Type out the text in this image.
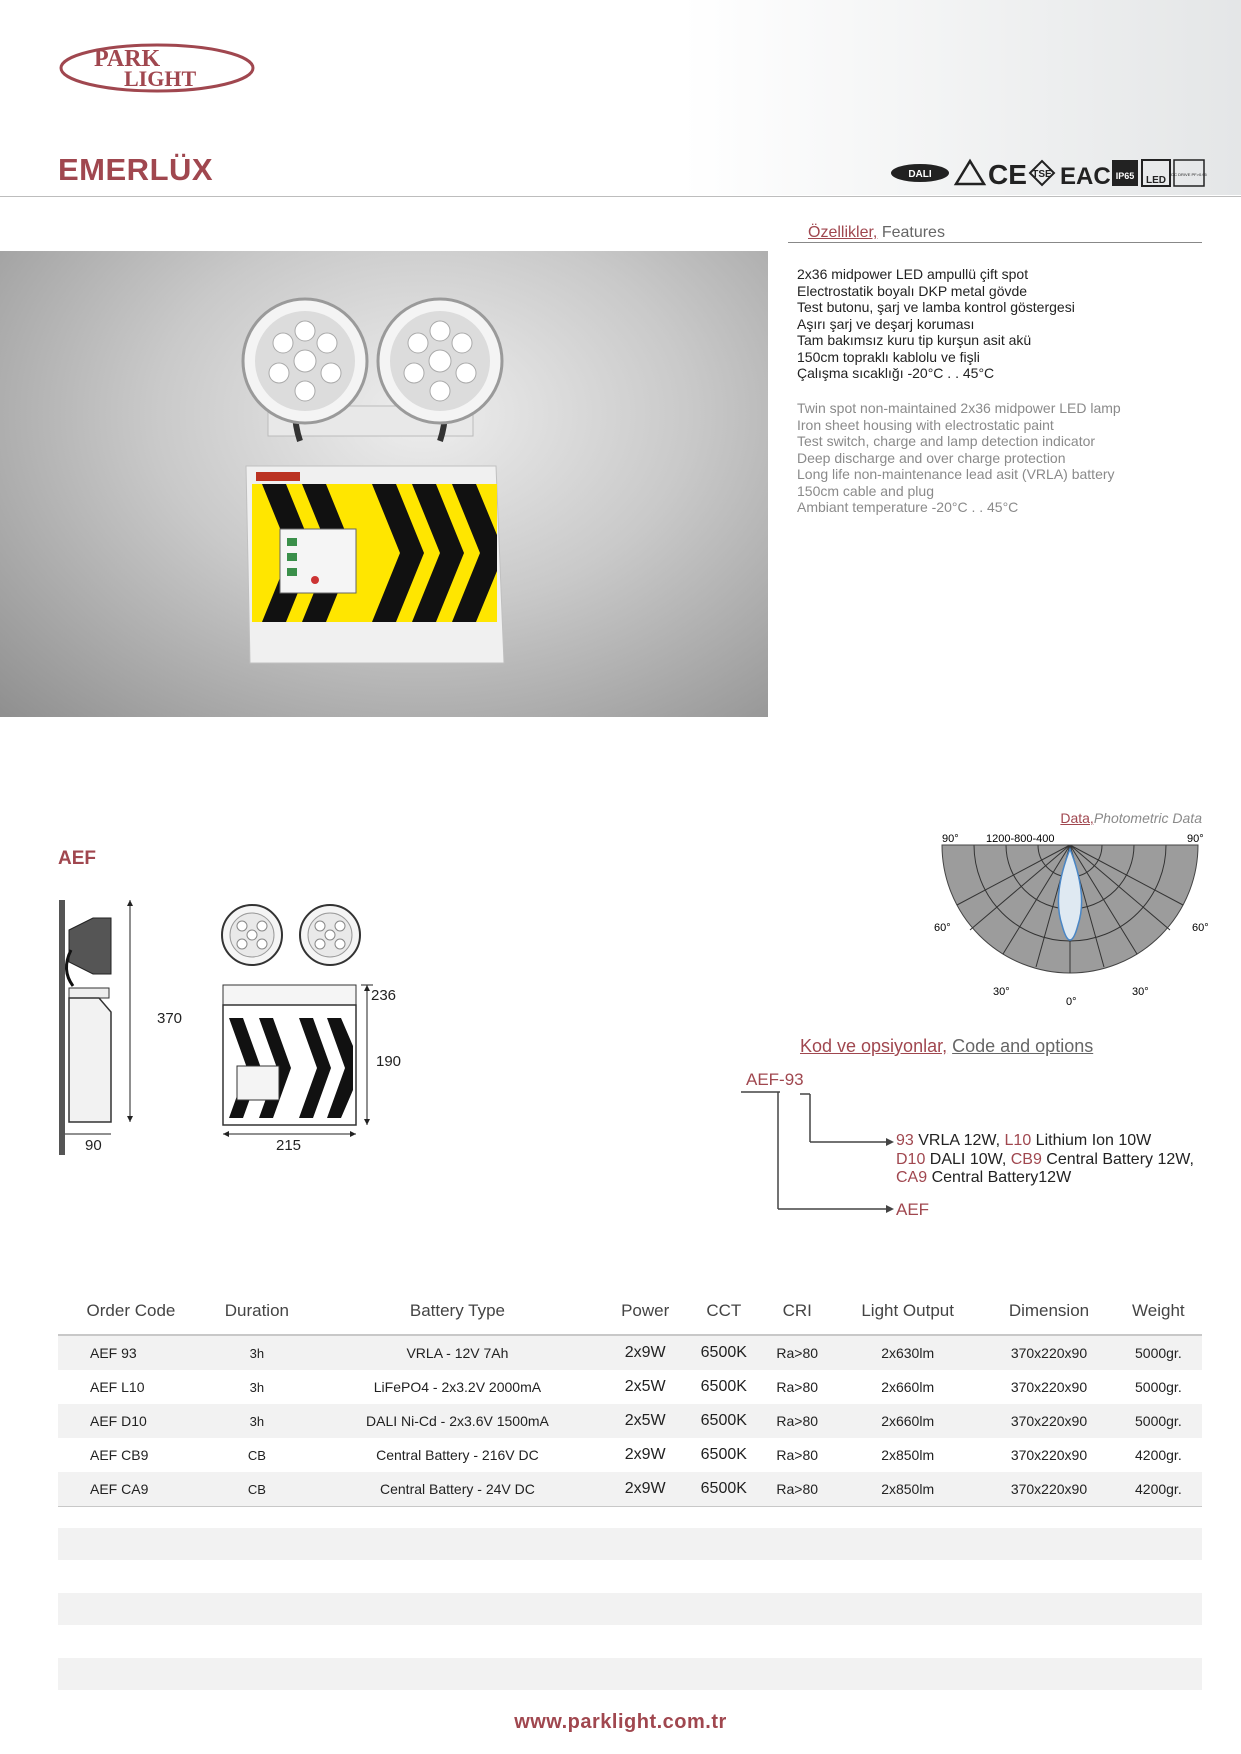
PARK
LIGHT
EMERLÜX	DALI CE TSE EAC IP65 LED
DC DRIVE PF>0.95
Özellikler, Features
2x36 midpower LED ampullü çift spot
Electrostatik boyalı DKP metal gövde
Test butonu, şarj ve lamba kontrol göstergesi
Aşırı şarj ve deşarj koruması
Tam bakımsız kuru tip kurşun asit akü
150cm topraklı kablolu ve fişli
Çalışma sıcaklığı -20°C . . 45°C
Twin spot non-maintained 2x36 midpower LED lamp
Iron sheet housing with electrostatic paint
Test switch, charge and lamp detection indicator
Deep discharge and over charge protection
Long life non-maintenance lead asit (VRLA) battery
150cm cable and plug
Ambiant temperature -20°C . . 45°C
AEF
370
90	215
236
190
Data,Photometric Data
90°	90°
1200-800-400
60°	60°
30°	30°
0°
Kod ve opsiyonlar, Code and options
AEF-93
93 VRLA 12W, L10 Lithium Ion 10W
D10 DALI 10W, CB9 Central Battery 12W,
CA9 Central Battery12W
AEF
Order Code	Duration	Battery Type	Power	CCT	CRI	Light Output	Dimension	Weight
AEF 93	3h	VRLA - 12V 7Ah	2x9W	6500K	Ra>80	2x630lm	370x220x90	5000gr.
AEF L10	3h	LiFePO4 - 2x3.2V 2000mA	2x5W	6500K	Ra>80	2x660lm	370x220x90	5000gr.
AEF D10	3h	DALI Ni-Cd - 2x3.6V 1500mA	2x5W	6500K	Ra>80	2x660lm	370x220x90	5000gr.
AEF CB9	CB	Central Battery - 216V DC	2x9W	6500K	Ra>80	2x850lm	370x220x90	4200gr.
AEF CA9	CB	Central Battery - 24V DC	2x9W	6500K	Ra>80	2x850lm	370x220x90	4200gr.
www.parklight.com.tr
